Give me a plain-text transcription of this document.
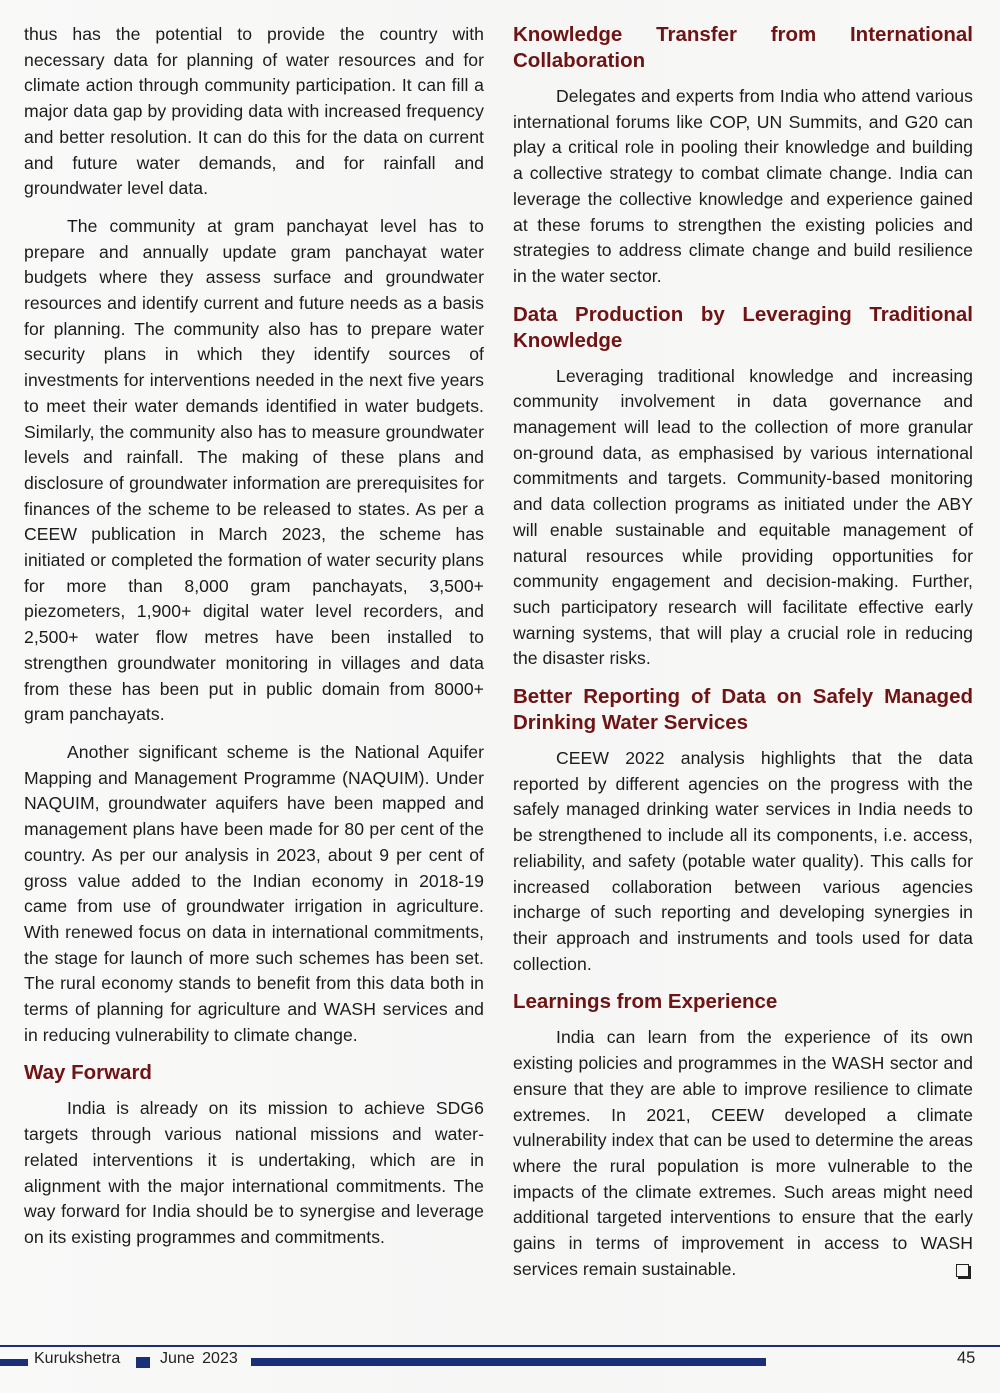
thus has the potential to provide the country with necessary data for planning of water resources and for climate action through community participation. It can fill a major data gap by providing data with increased frequency and better resolution. It can do this for the data on current and future water demands, and for rainfall and groundwater level data.

The community at gram panchayat level has to prepare and annually update gram panchayat water budgets where they assess surface and groundwater resources and identify current and future needs as a basis for planning. The community also has to prepare water security plans in which they identify sources of investments for interventions needed in the next five years to meet their water demands identified in water budgets. Similarly, the community also has to measure groundwater levels and rainfall. The making of these plans and disclosure of groundwater information are prerequisites for finances of the scheme to be released to states. As per a CEEW publication in March 2023, the scheme has initiated or completed the formation of water security plans for more than 8,000 gram panchayats, 3,500+ piezometers, 1,900+ digital water level recorders, and 2,500+ water flow metres have been installed to strengthen groundwater monitoring in villages and data from these has been put in public domain from 8000+ gram panchayats.

Another significant scheme is the National Aquifer Mapping and Management Programme (NAQUIM). Under NAQUIM, groundwater aquifers have been mapped and management plans have been made for 80 per cent of the country. As per our analysis in 2023, about 9 per cent of gross value added to the Indian economy in 2018-19 came from use of groundwater irrigation in agriculture. With renewed focus on data in international commitments, the stage for launch of more such schemes has been set. The rural economy stands to benefit from this data both in terms of planning for agriculture and WASH services and in reducing vulnerability to climate change.

Way Forward

India is already on its mission to achieve SDG6 targets through various national missions and water-related interventions it is undertaking, which are in alignment with the major international commitments. The way forward for India should be to synergise and leverage on its existing programmes and commitments.

Knowledge Transfer from International Collaboration

Delegates and experts from India who attend various international forums like COP, UN Summits, and G20 can play a critical role in pooling their knowledge and building a collective strategy to combat climate change. India can leverage the collective knowledge and experience gained at these forums to strengthen the existing policies and strategies to address climate change and build resilience in the water sector.

Data Production by Leveraging Traditional Knowledge

Leveraging traditional knowledge and increasing community involvement in data governance and management will lead to the collection of more granular on-ground data, as emphasised by various international commitments and targets. Community-based monitoring and data collection programs as initiated under the ABY will enable sustainable and equitable management of natural resources while providing opportunities for community engagement and decision-making. Further, such participatory research will facilitate effective early warning systems, that will play a crucial role in reducing the disaster risks.

Better Reporting of Data on Safely Managed Drinking Water Services

CEEW 2022 analysis highlights that the data reported by different agencies on the progress with the safely managed drinking water services in India needs to be strengthened to include all its components, i.e. access, reliability, and safety (potable water quality). This calls for increased collaboration between various agencies incharge of such reporting and developing synergies in their approach and instruments and tools used for data collection.

Learnings from Experience

India can learn from the experience of its own existing policies and programmes in the WASH sector and ensure that they are able to improve resilience to climate extremes. In 2021, CEEW developed a climate vulnerability index that can be used to determine the areas where the rural population is more vulnerable to the impacts of the climate extremes. Such areas might need additional targeted interventions to ensure that the early gains in terms of improvement in access to WASH services remain sustainable.

Kurukshetra June 2023	45
